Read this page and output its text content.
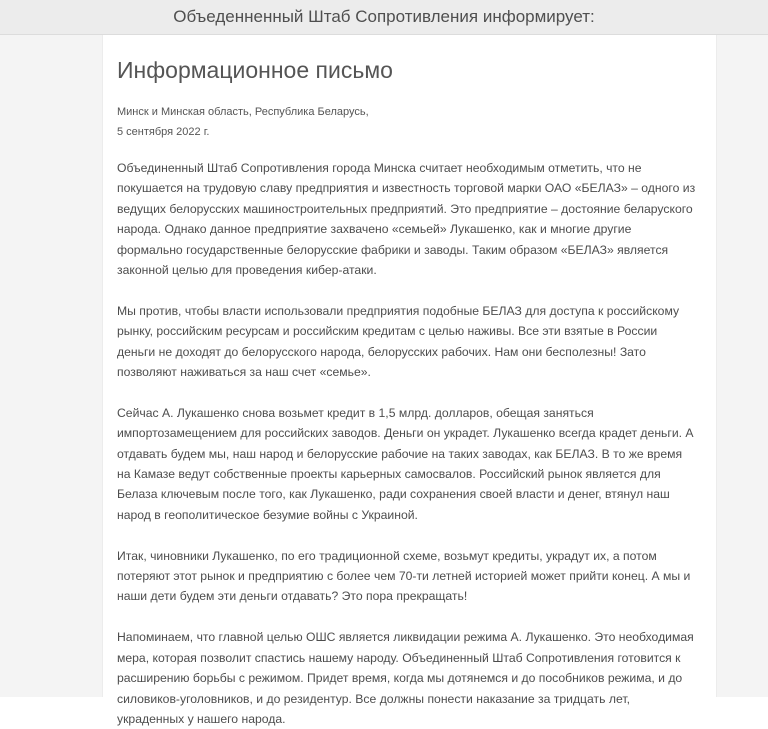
Объеденненный Штаб Сопротивления информирует:
Информационное письмо
Минск и Минская область, Республика Беларусь,
5 сентября 2022 г.

Объединенный Штаб Сопротивления города Минска считает необходимым отметить, что не покушается на трудовую славу предприятия и известность торговой марки ОАО «БЕЛАЗ» – одного из ведущих белорусских машиностроительных предприятий. Это предприятие – достояние беларуского народа. Однако данное предприятие захвачено «семьей» Лукашенко, как и многие другие формально государственные белорусские фабрики и заводы. Таким образом «БЕЛАЗ» является законной целью для проведения кибер-атаки.

Мы против, чтобы власти использовали предприятия подобные БЕЛАЗ для доступа к российскому рынку, российским ресурсам и российским кредитам с целью наживы. Все эти взятые в России деньги не доходят до белорусского народа, белорусских рабочих. Нам они бесполезны! Зато позволяют наживаться за наш счет «семье».

Сейчас А. Лукашенко снова возьмет кредит в 1,5 млрд. долларов, обещая заняться импортозамещением для российских заводов. Деньги он украдет. Лукашенко всегда крадет деньги. А отдавать будем мы, наш народ и белорусские рабочие на таких заводах, как БЕЛАЗ. В то же время на Камазе ведут собственные проекты карьерных самосвалов. Российский рынок является для Белаза ключевым после того, как Лукашенко, ради сохранения своей власти и денег, втянул наш народ в геополитическое безумие войны с Украиной.

Итак, чиновники Лукашенко, по его традиционной схеме, возьмут кредиты, украдут их, а потом потеряют этот рынок и предприятию с более чем 70-ти летней историей может прийти конец. А мы и наши дети будем эти деньги отдавать? Это пора прекращать!

Напоминаем, что главной целью ОШС является ликвидации режима А. Лукашенко. Это необходимая мера, которая позволит спастись нашему народу. Объединенный Штаб Сопротивления готовится к расширению борьбы с режимом. Придет время, когда мы дотянемся и до пособников режима, и до силовиков-уголовников, и до резидентур. Все должны понести наказание за тридцать лет, украденных у нашего народа.
